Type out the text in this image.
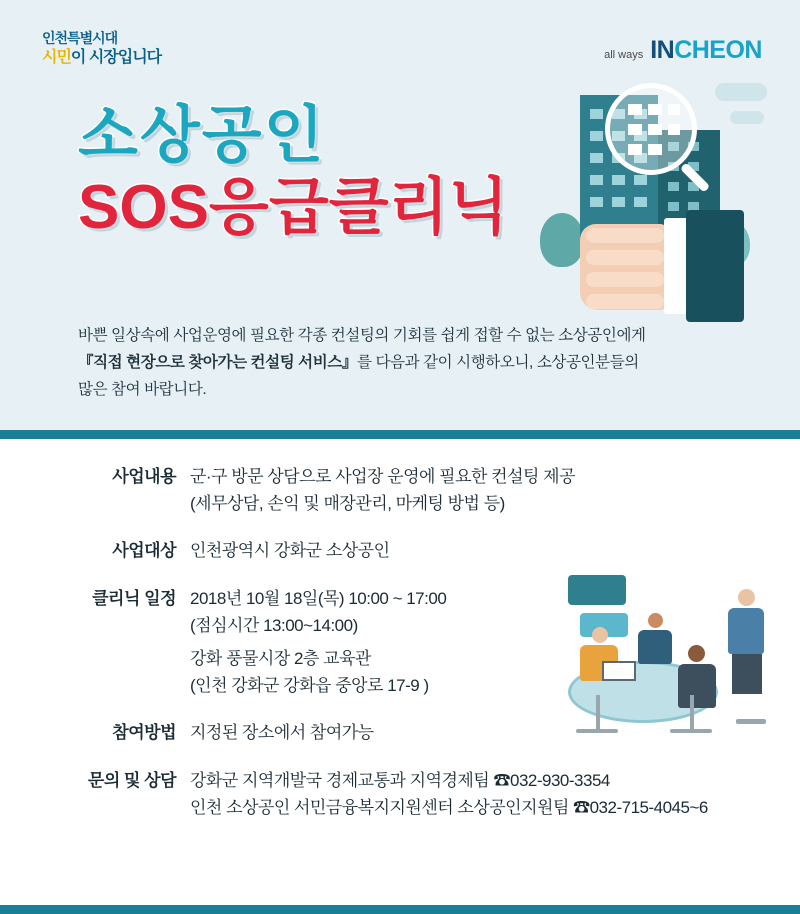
인천특별시대
시민이 시장입니다	all ways INCHEON
소상공인
SOS응급클리닉
바쁜 일상속에 사업운영에 필요한 각종 컨설팅의 기회를 쉽게 접할 수 없는 소상공인에게
『직접 현장으로 찾아가는 컨설팅 서비스』를 다음과 같이 시행하오니, 소상공인분들의
많은 참여 바랍니다.
사업내용 군·구 방문 상담으로 사업장 운영에 필요한 컨설팅 제공
(세무상담, 손익 및 매장관리, 마케팅 방법 등)
사업대상 인천광역시 강화군 소상공인
클리닉 일정 2018년 10월 18일(목) 10:00 ~ 17:00
(점심시간 13:00~14:00)
강화 풍물시장 2층 교육관
(인천 강화군 강화읍 중앙로 17-9 )
참여방법 지정된 장소에서 참여가능
문의 및 상담 강화군 지역개발국 경제교통과 지역경제팀 ☎032-930-3354
인천 소상공인 서민금융복지지원센터 소상공인지원팀 ☎032-715-4045~6
